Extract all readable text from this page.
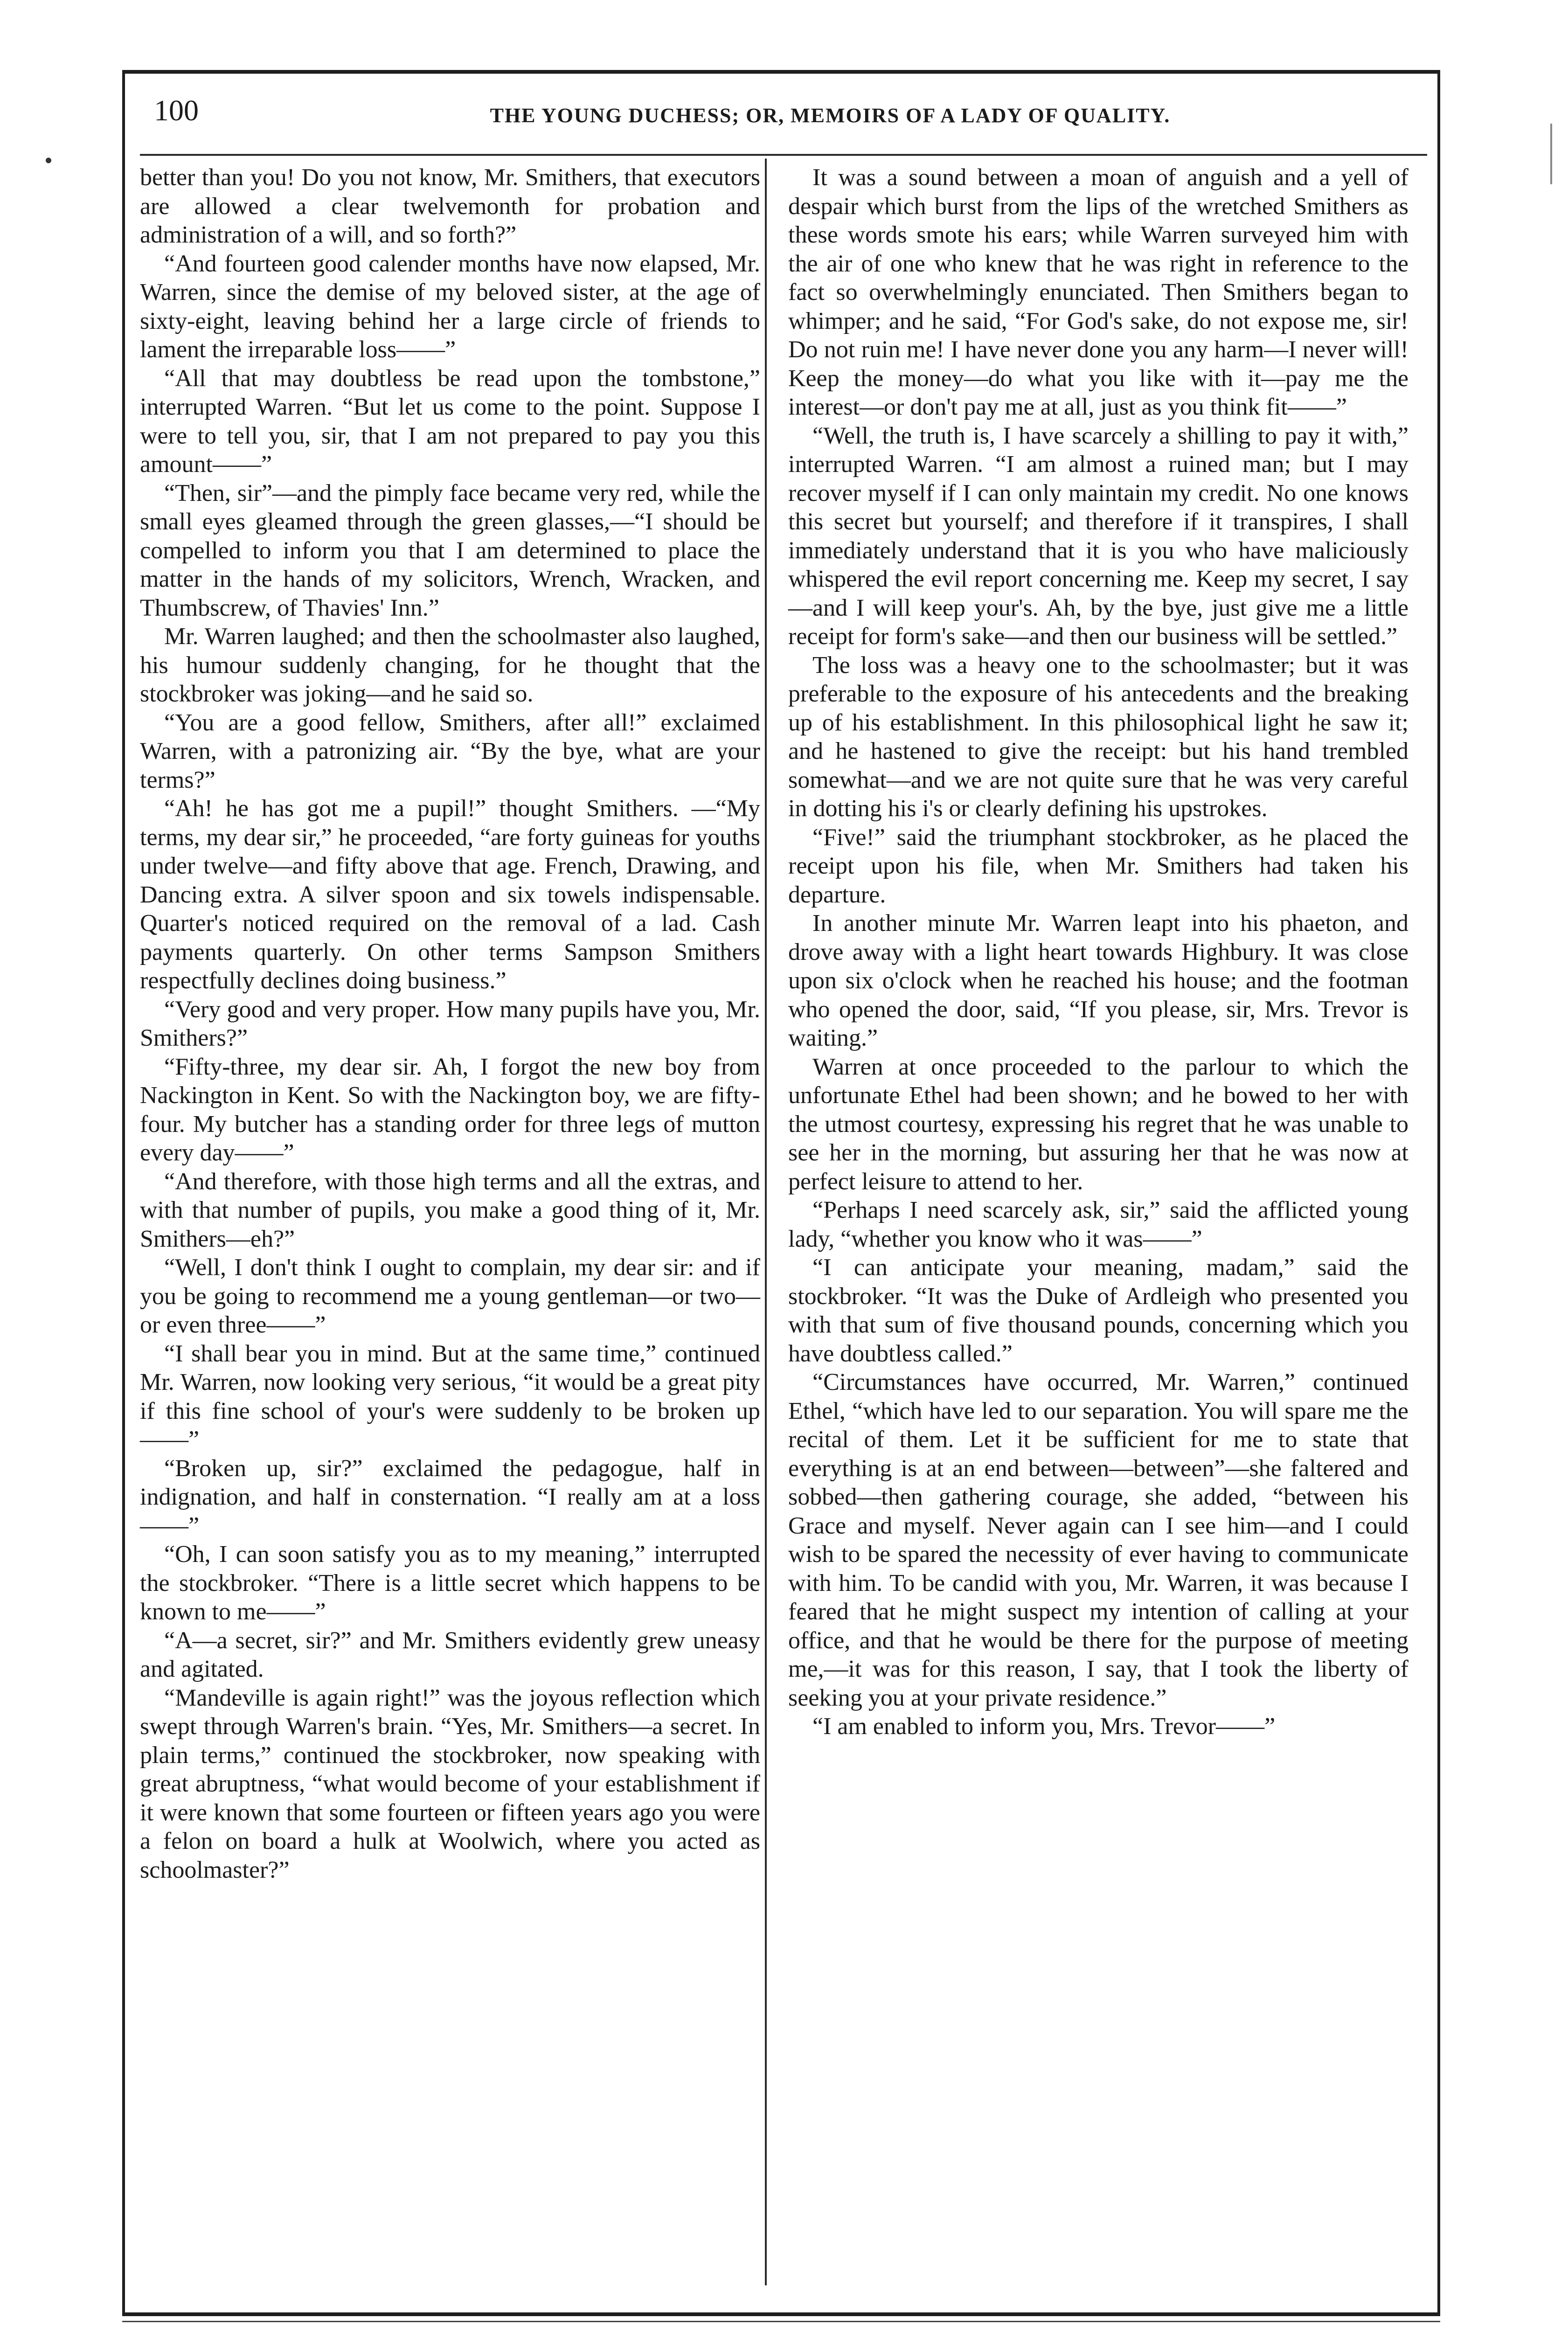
100	THE YOUNG DUCHESS; OR, MEMOIRS OF A LADY OF QUALITY.

better than you! Do you not know, Mr. Smithers, that executors are allowed a clear twelvemonth for probation and administration of a will, and so forth?”

“And fourteen good calender months have now elapsed, Mr. Warren, since the demise of my beloved sister, at the age of sixty-eight, leaving behind her a large circle of friends to lament the irreparable loss——”

“All that may doubtless be read upon the tombstone,” interrupted Warren. “But let us come to the point. Suppose I were to tell you, sir, that I am not prepared to pay you this amount——”

“Then, sir”—and the pimply face became very red, while the small eyes gleamed through the green glasses,—“I should be compelled to inform you that I am determined to place the matter in the hands of my solicitors, Wrench, Wracken, and Thumbscrew, of Thavies' Inn.”

Mr. Warren laughed; and then the schoolmaster also laughed, his humour suddenly changing, for he thought that the stockbroker was joking—and he said so.

“You are a good fellow, Smithers, after all!” exclaimed Warren, with a patronizing air. “By the bye, what are your terms?”

“Ah! he has got me a pupil!” thought Smithers. —“My terms, my dear sir,” he proceeded, “are forty guineas for youths under twelve—and fifty above that age. French, Drawing, and Dancing extra. A silver spoon and six towels indispensable. Quarter's noticed required on the removal of a lad. Cash payments quarterly. On other terms Sampson Smithers respectfully declines doing business.”

“Very good and very proper. How many pupils have you, Mr. Smithers?”

“Fifty-three, my dear sir. Ah, I forgot the new boy from Nackington in Kent. So with the Nackington boy, we are fifty-four. My butcher has a standing order for three legs of mutton every day——”

“And therefore, with those high terms and all the extras, and with that number of pupils, you make a good thing of it, Mr. Smithers—eh?”

“Well, I don't think I ought to complain, my dear sir: and if you be going to recommend me a young gentleman—or two—or even three——”

“I shall bear you in mind. But at the same time,” continued Mr. Warren, now looking very serious, “it would be a great pity if this fine school of your's were suddenly to be broken up——”

“Broken up, sir?” exclaimed the pedagogue, half in indignation, and half in consternation. “I really am at a loss——”

“Oh, I can soon satisfy you as to my meaning,” interrupted the stockbroker. “There is a little secret which happens to be known to me——”

“A—a secret, sir?” and Mr. Smithers evidently grew uneasy and agitated.

“Mandeville is again right!” was the joyous reflection which swept through Warren's brain. “Yes, Mr. Smithers—a secret. In plain terms,” continued the stockbroker, now speaking with great abruptness, “what would become of your establishment if it were known that some fourteen or fifteen years ago you were a felon on board a hulk at Woolwich, where you acted as schoolmaster?”

It was a sound between a moan of anguish and a yell of despair which burst from the lips of the wretched Smithers as these words smote his ears; while Warren surveyed him with the air of one who knew that he was right in reference to the fact so overwhelmingly enunciated. Then Smithers began to whimper; and he said, “For God's sake, do not expose me, sir! Do not ruin me! I have never done you any harm—I never will! Keep the money—do what you like with it—pay me the interest—or don't pay me at all, just as you think fit——”

“Well, the truth is, I have scarcely a shilling to pay it with,” interrupted Warren. “I am almost a ruined man; but I may recover myself if I can only maintain my credit. No one knows this secret but yourself; and therefore if it transpires, I shall immediately understand that it is you who have maliciously whispered the evil report concerning me. Keep my secret, I say—and I will keep your's. Ah, by the bye, just give me a little receipt for form's sake—and then our business will be settled.”

The loss was a heavy one to the schoolmaster; but it was preferable to the exposure of his antecedents and the breaking up of his establishment. In this philosophical light he saw it; and he hastened to give the receipt: but his hand trembled somewhat—and we are not quite sure that he was very careful in dotting his i's or clearly defining his upstrokes.

“Five!” said the triumphant stockbroker, as he placed the receipt upon his file, when Mr. Smithers had taken his departure.

In another minute Mr. Warren leapt into his phaeton, and drove away with a light heart towards Highbury. It was close upon six o'clock when he reached his house; and the footman who opened the door, said, “If you please, sir, Mrs. Trevor is waiting.”

Warren at once proceeded to the parlour to which the unfortunate Ethel had been shown; and he bowed to her with the utmost courtesy, expressing his regret that he was unable to see her in the morning, but assuring her that he was now at perfect leisure to attend to her.

“Perhaps I need scarcely ask, sir,” said the afflicted young lady, “whether you know who it was——”

“I can anticipate your meaning, madam,” said the stockbroker. “It was the Duke of Ardleigh who presented you with that sum of five thousand pounds, concerning which you have doubtless called.”

“Circumstances have occurred, Mr. Warren,” continued Ethel, “which have led to our separation. You will spare me the recital of them. Let it be sufficient for me to state that everything is at an end between—between”—she faltered and sobbed—then gathering courage, she added, “between his Grace and myself. Never again can I see him—and I could wish to be spared the necessity of ever having to communicate with him. To be candid with you, Mr. Warren, it was because I feared that he might suspect my intention of calling at your office, and that he would be there for the purpose of meeting me,—it was for this reason, I say, that I took the liberty of seeking you at your private residence.”

“I am enabled to inform you, Mrs. Trevor——”
